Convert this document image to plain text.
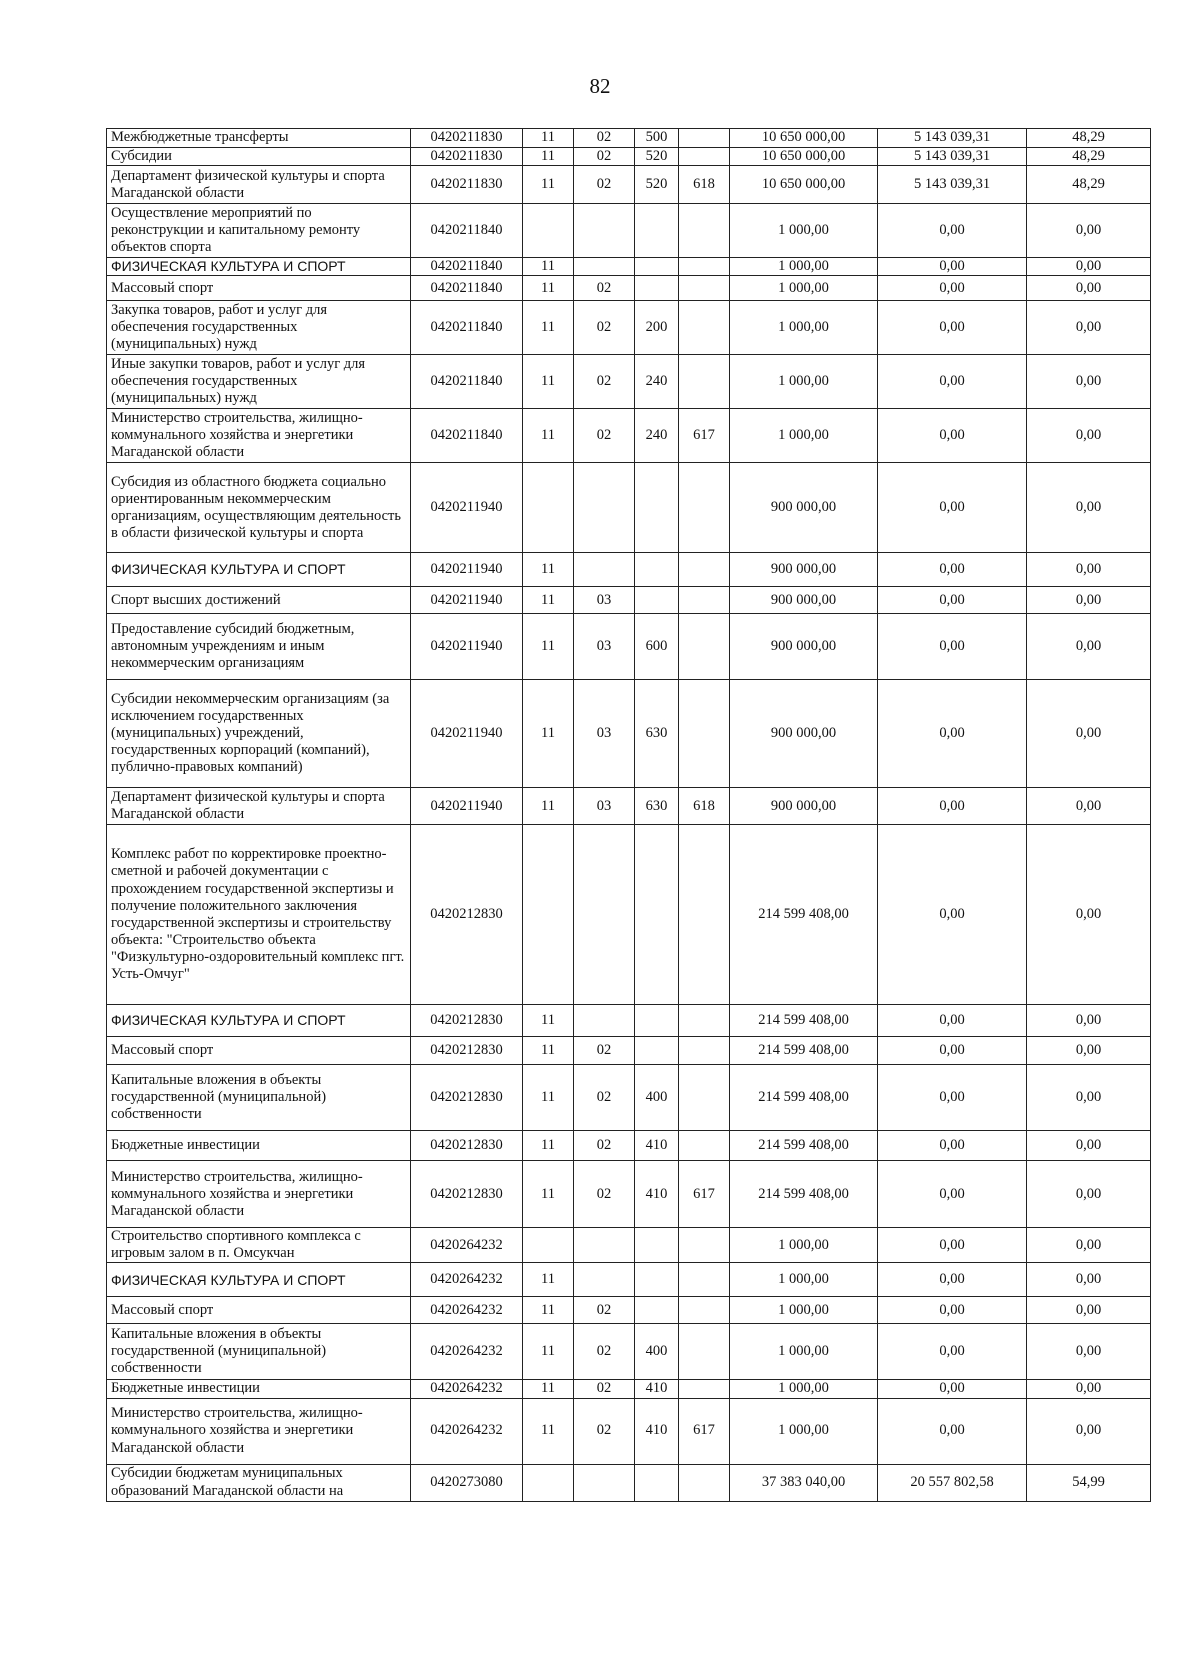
82
Межбюджетные трансферты	0420211830	11	02	500		10 650 000,00	5 143 039,31	48,29
Субсидии	0420211830	11	02	520		10 650 000,00	5 143 039,31	48,29
Департамент физической культуры и спорта Магаданской области	0420211830	11	02	520	618	10 650 000,00	5 143 039,31	48,29
Осуществление мероприятий по реконструкции и капитальному ремонту объектов спорта	0420211840					1 000,00	0,00	0,00
ФИЗИЧЕСКАЯ КУЛЬТУРА И СПОРТ	0420211840	11				1 000,00	0,00	0,00
Массовый спорт	0420211840	11	02			1 000,00	0,00	0,00
Закупка товаров, работ и услуг для обеспечения государственных (муниципальных) нужд	0420211840	11	02	200		1 000,00	0,00	0,00
Иные закупки товаров, работ и услуг для обеспечения государственных (муниципальных) нужд	0420211840	11	02	240		1 000,00	0,00	0,00
Министерство строительства, жилищно-коммунального хозяйства и энергетики Магаданской области	0420211840	11	02	240	617	1 000,00	0,00	0,00
Субсидия из областного бюджета социально ориентированным некоммерческим организациям, осуществляющим деятельность в области физической культуры и спорта	0420211940					900 000,00	0,00	0,00
ФИЗИЧЕСКАЯ КУЛЬТУРА И СПОРТ	0420211940	11				900 000,00	0,00	0,00
Спорт высших достижений	0420211940	11	03			900 000,00	0,00	0,00
Предоставление субсидий бюджетным, автономным учреждениям и иным некоммерческим организациям	0420211940	11	03	600		900 000,00	0,00	0,00
Субсидии некоммерческим организациям (за исключением государственных (муниципальных) учреждений, государственных корпораций (компаний), публично-правовых компаний)	0420211940	11	03	630		900 000,00	0,00	0,00
Департамент физической культуры и спорта Магаданской области	0420211940	11	03	630	618	900 000,00	0,00	0,00
Комплекс работ по корректировке проектно-сметной и рабочей документации с прохождением государственной экспертизы и получение положительного заключения государственной экспертизы и строительству объекта: "Строительство объекта "Физкультурно-оздоровительный комплекс пгт. Усть-Омчуг"	0420212830					214 599 408,00	0,00	0,00
ФИЗИЧЕСКАЯ КУЛЬТУРА И СПОРТ	0420212830	11				214 599 408,00	0,00	0,00
Массовый спорт	0420212830	11	02			214 599 408,00	0,00	0,00
Капитальные вложения в объекты государственной (муниципальной) собственности	0420212830	11	02	400		214 599 408,00	0,00	0,00
Бюджетные инвестиции	0420212830	11	02	410		214 599 408,00	0,00	0,00
Министерство строительства, жилищно-коммунального хозяйства и энергетики Магаданской области	0420212830	11	02	410	617	214 599 408,00	0,00	0,00
Строительство спортивного комплекса с игровым залом в п. Омсукчан	0420264232					1 000,00	0,00	0,00
ФИЗИЧЕСКАЯ КУЛЬТУРА И СПОРТ	0420264232	11				1 000,00	0,00	0,00
Массовый спорт	0420264232	11	02			1 000,00	0,00	0,00
Капитальные вложения в объекты государственной (муниципальной) собственности	0420264232	11	02	400		1 000,00	0,00	0,00
Бюджетные инвестиции	0420264232	11	02	410		1 000,00	0,00	0,00
Министерство строительства, жилищно-коммунального хозяйства и энергетики Магаданской области	0420264232	11	02	410	617	1 000,00	0,00	0,00
Субсидии бюджетам муниципальных образований Магаданской области на	0420273080					37 383 040,00	20 557 802,58	54,99
